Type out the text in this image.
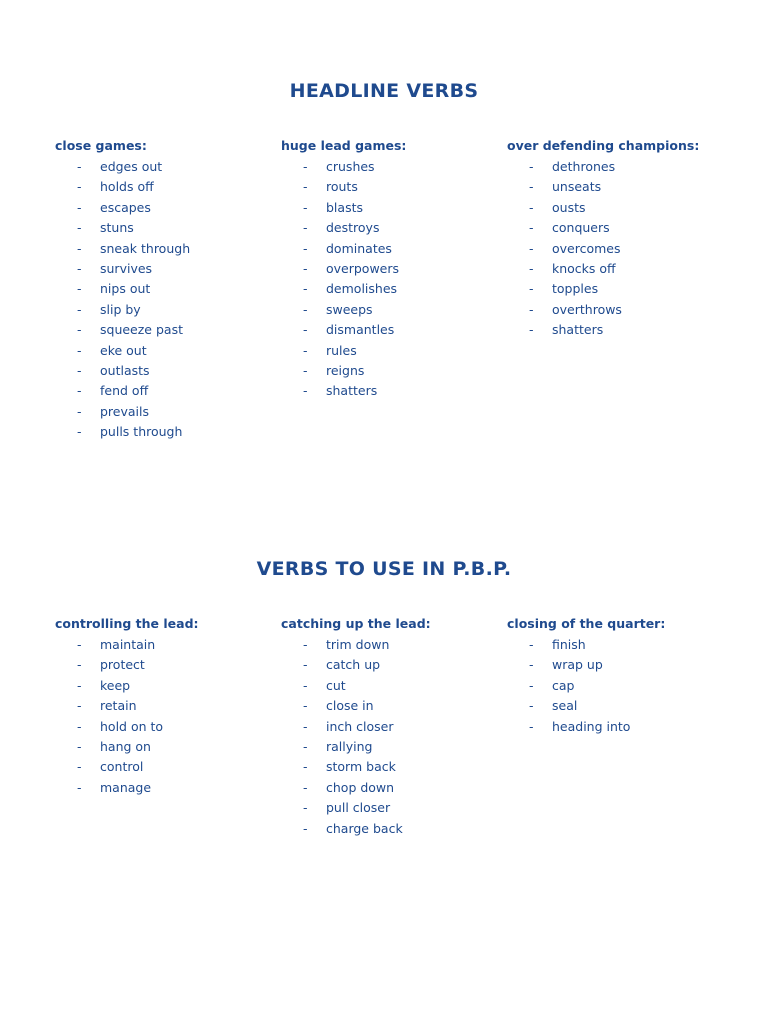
HEADLINE VERBS
close games:
- edges out
- holds off
- escapes
- stuns
- sneak through
- survives
- nips out
- slip by
- squeeze past
- eke out
- outlasts
- fend off
- prevails
- pulls through
huge lead games:
- crushes
- routs
- blasts
- destroys
- dominates
- overpowers
- demolishes
- sweeps
- dismantles
- rules
- reigns
- shatters
over defending champions:
- dethrones
- unseats
- ousts
- conquers
- overcomes
- knocks off
- topples
- overthrows
- shatters
VERBS TO USE IN P.B.P.
controlling the lead:
- maintain
- protect
- keep
- retain
- hold on to
- hang on
- control
- manage
catching up the lead:
- trim down
- catch up
- cut
- close in
- inch closer
- rallying
- storm back
- chop down
- pull closer
- charge back
closing of the quarter:
- finish
- wrap up
- cap
- seal
- heading into
